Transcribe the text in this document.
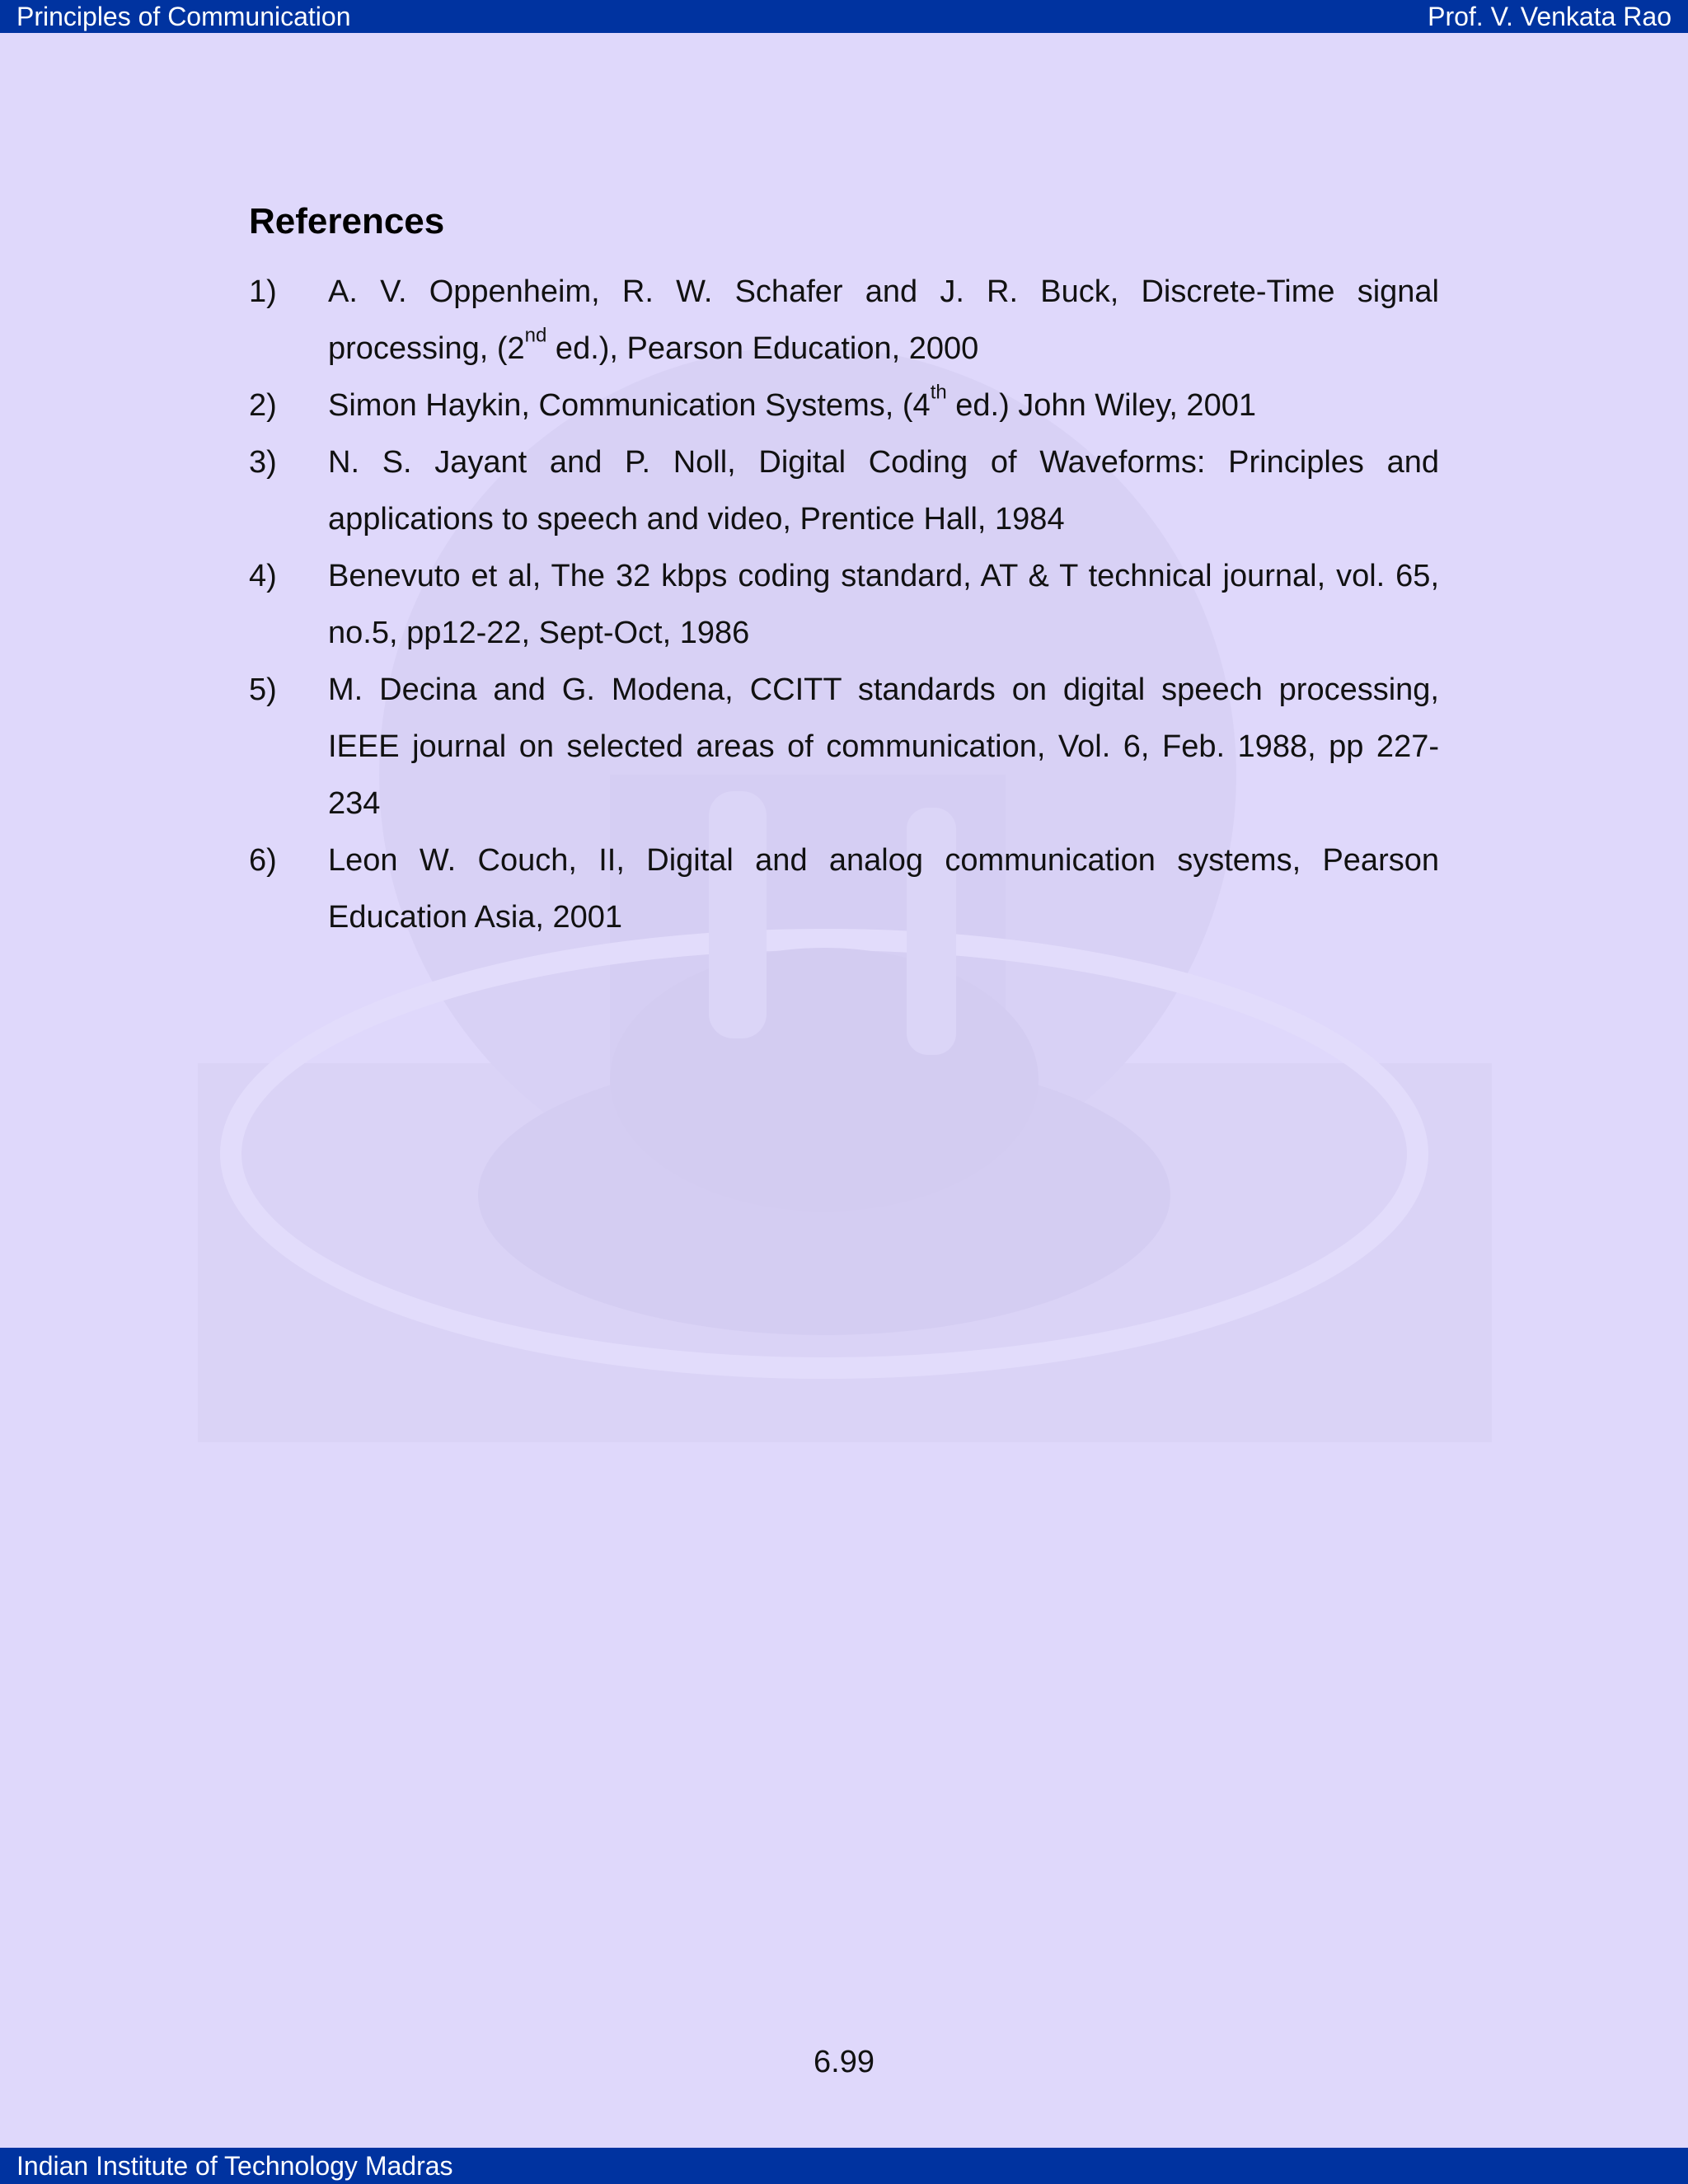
Principles of Communication	Prof. V. Venkata Rao
References
1)	A. V. Oppenheim, R. W. Schafer and J. R. Buck, Discrete-Time signal processing, (2nd ed.), Pearson Education, 2000
2)	Simon Haykin, Communication Systems, (4th ed.) John Wiley, 2001
3)	N. S. Jayant and P. Noll, Digital Coding of Waveforms: Principles and applications to speech and video, Prentice Hall, 1984
4)	Benevuto et al, The 32 kbps coding standard, AT & T technical journal, vol. 65, no.5, pp12-22, Sept-Oct, 1986
5)	M. Decina and G. Modena, CCITT standards on digital speech processing, IEEE journal on selected areas of communication, Vol. 6, Feb. 1988, pp 227-234
6)	Leon W. Couch, II, Digital and analog communication systems, Pearson Education Asia, 2001
6.99
Indian Institute of Technology Madras
